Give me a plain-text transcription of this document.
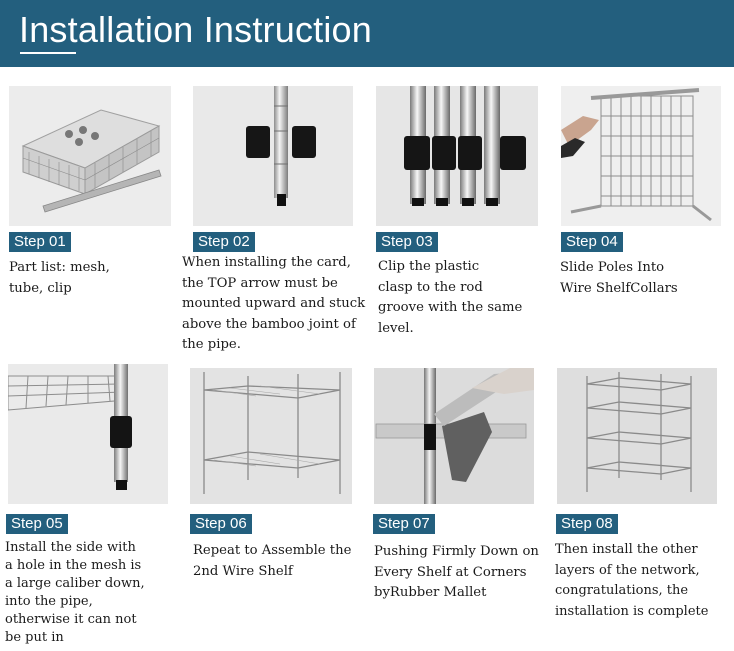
Installation Instruction
Step 01	Step 02	Step 03	Step 04

Part list: mesh,
tube, clip

When installing the card,
the TOP arrow must be
mounted upward and stuck
above the bamboo joint of
the pipe.

Clip the plastic
clasp to the rod
groove with the same
level.

Slide Poles Into
Wire ShelfCollars

Step 05	Step 06	Step 07	Step 08

Install the side with
a hole in the mesh is
a large caliber down,
into the pipe,
otherwise it can not
be put in

Repeat to Assemble the
2nd Wire Shelf

Pushing Firmly Down on
Every Shelf at Corners
byRubber Mallet

Then install the other
layers of the network,
congratulations, the
installation is complete
